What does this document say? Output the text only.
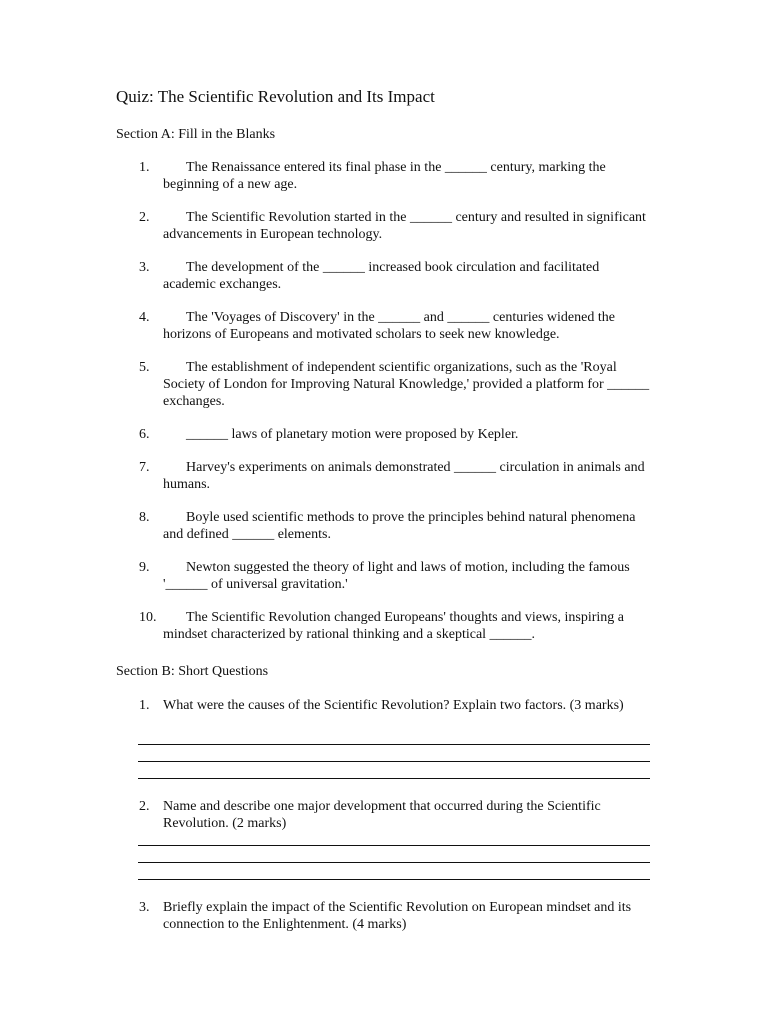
Quiz: The Scientific Revolution and Its Impact
Section A: Fill in the Blanks
1.	The Renaissance entered its final phase in the ______ century, marking the beginning of a new age.
2.	The Scientific Revolution started in the ______ century and resulted in significant advancements in European technology.
3.	The development of the ______ increased book circulation and facilitated academic exchanges.
4.	The 'Voyages of Discovery' in the ______ and ______ centuries widened the horizons of Europeans and motivated scholars to seek new knowledge.
5.	The establishment of independent scientific organizations, such as the 'Royal Society of London for Improving Natural Knowledge,' provided a platform for ______ exchanges.
6.	______ laws of planetary motion were proposed by Kepler.
7.	Harvey's experiments on animals demonstrated ______ circulation in animals and humans.
8.	Boyle used scientific methods to prove the principles behind natural phenomena and defined ______ elements.
9.	Newton suggested the theory of light and laws of motion, including the famous '______ of universal gravitation.'
10.	The Scientific Revolution changed Europeans' thoughts and views, inspiring a mindset characterized by rational thinking and a skeptical ______.
Section B: Short Questions
1. What were the causes of the Scientific Revolution? Explain two factors. (3 marks)
2. Name and describe one major development that occurred during the Scientific Revolution. (2 marks)
3. Briefly explain the impact of the Scientific Revolution on European mindset and its connection to the Enlightenment. (4 marks)
